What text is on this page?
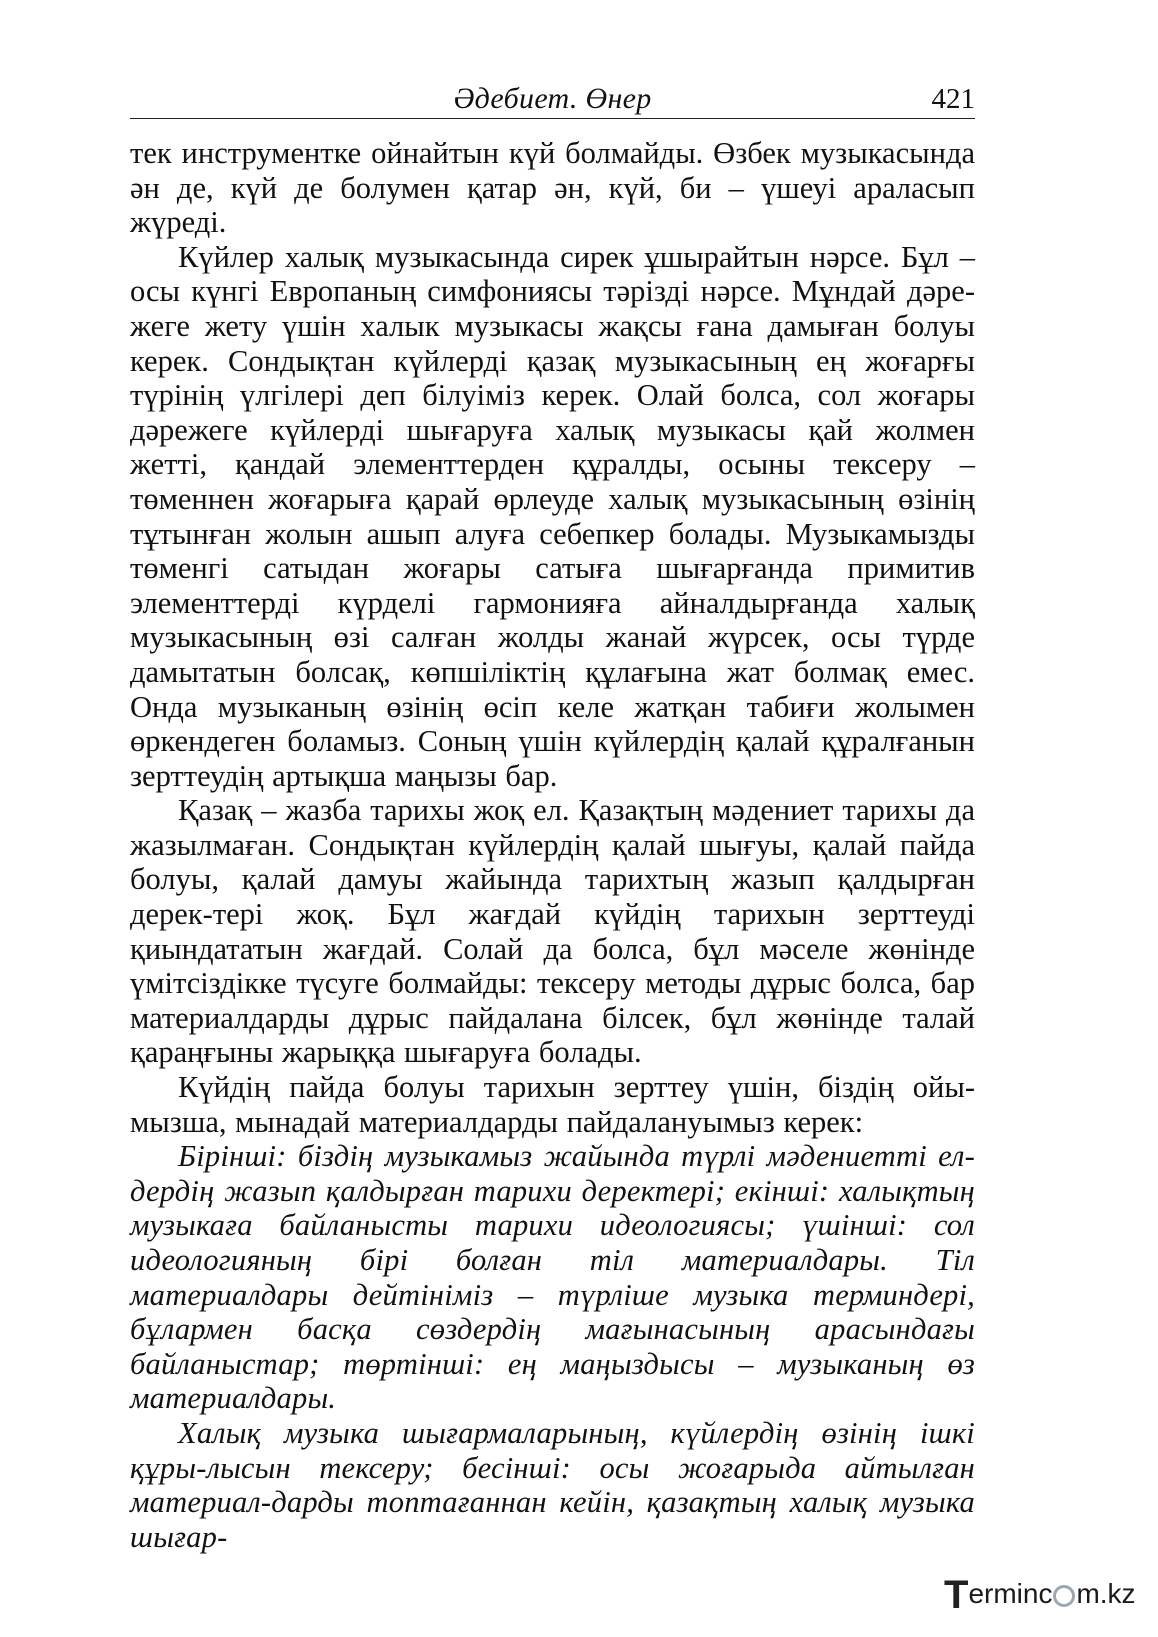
Әдебиет. Өнер	421

тек инструментке ойнайтын күй болмайды. Өзбек музыкасында ән де, күй де болумен қатар ән, күй, би – үшеуі араласып жүреді.

Күйлер халық музыкасында сирек ұшырайтын нәрсе. Бұл – осы күнгі Европаның симфониясы тәрізді нәрсе. Мұндай дәре-жеге жету үшін халык музыкасы жақсы ғана дамыған болуы керек. Сондықтан күйлерді қазақ музыкасының ең жоғарғы түрінің үлгілері деп білуіміз керек. Олай болса, сол жоғары дәрежеге күйлерді шығаруға халық музыкасы қай жолмен жетті, қандай элементтерден құралды, осыны тексеру – төменнен жоғарыға қарай өрлеуде халық музыкасының өзінің тұтынған жолын ашып алуға себепкер болады. Музыкамызды төменгі сатыдан жоғары сатыға шығарғанда примитив элементтерді күрделі гармонияға айналдырғанда халық музыкасының өзі салған жолды жанай жүрсек, осы түрде дамытатын болсақ, көпшіліктің құлағына жат болмақ емес. Онда музыканың өзінің өсіп келе жатқан табиғи жолымен өркендеген боламыз. Соның үшін күйлердің қалай құралғанын зерттеудің артықша маңызы бар.

Қазақ – жазба тарихы жоқ ел. Қазақтың мәдениет тарихы да жазылмаған. Сондықтан күйлердің қалай шығуы, қалай пайда болуы, қалай дамуы жайында тарихтың жазып қалдырған дерек-тері жоқ. Бұл жағдай күйдің тарихын зерттеуді қиындататын жағдай. Солай да болса, бұл мәселе жөнінде үмітсіздікке түсуге болмайды: тексеру методы дұрыс болса, бар материалдарды дұрыс пайдалана білсек, бұл жөнінде талай қараңғыны жарыққа шығаруға болады.

Күйдің пайда болуы тарихын зерттеу үшін, біздің ойы-мызша, мынадай материалдарды пайдалануымыз керек:

Бірінші: біздің музыкамыз жайында түрлі мәдениетті ел-дердің жазып қалдырған тарихи деректері; екінші: халықтың музыкаға байланысты тарихи идеологиясы; үшінші: сол идеологияның бірі болған тіл материалдары. Тіл материалдары дейтініміз – түрліше музыка терминдері, бұлармен басқа сөздердің мағынасының арасындағы байланыстар; төртінші: ең маңыздысы – музыканың өз материалдары.

Халық музыка шығармаларының, күйлердің өзінің ішкі құры-лысын тексеру; бесінші: осы жоғарыда айтылған материал-дарды топтағаннан кейін, қазақтың халық музыка шығар-

Terminc m.kz
